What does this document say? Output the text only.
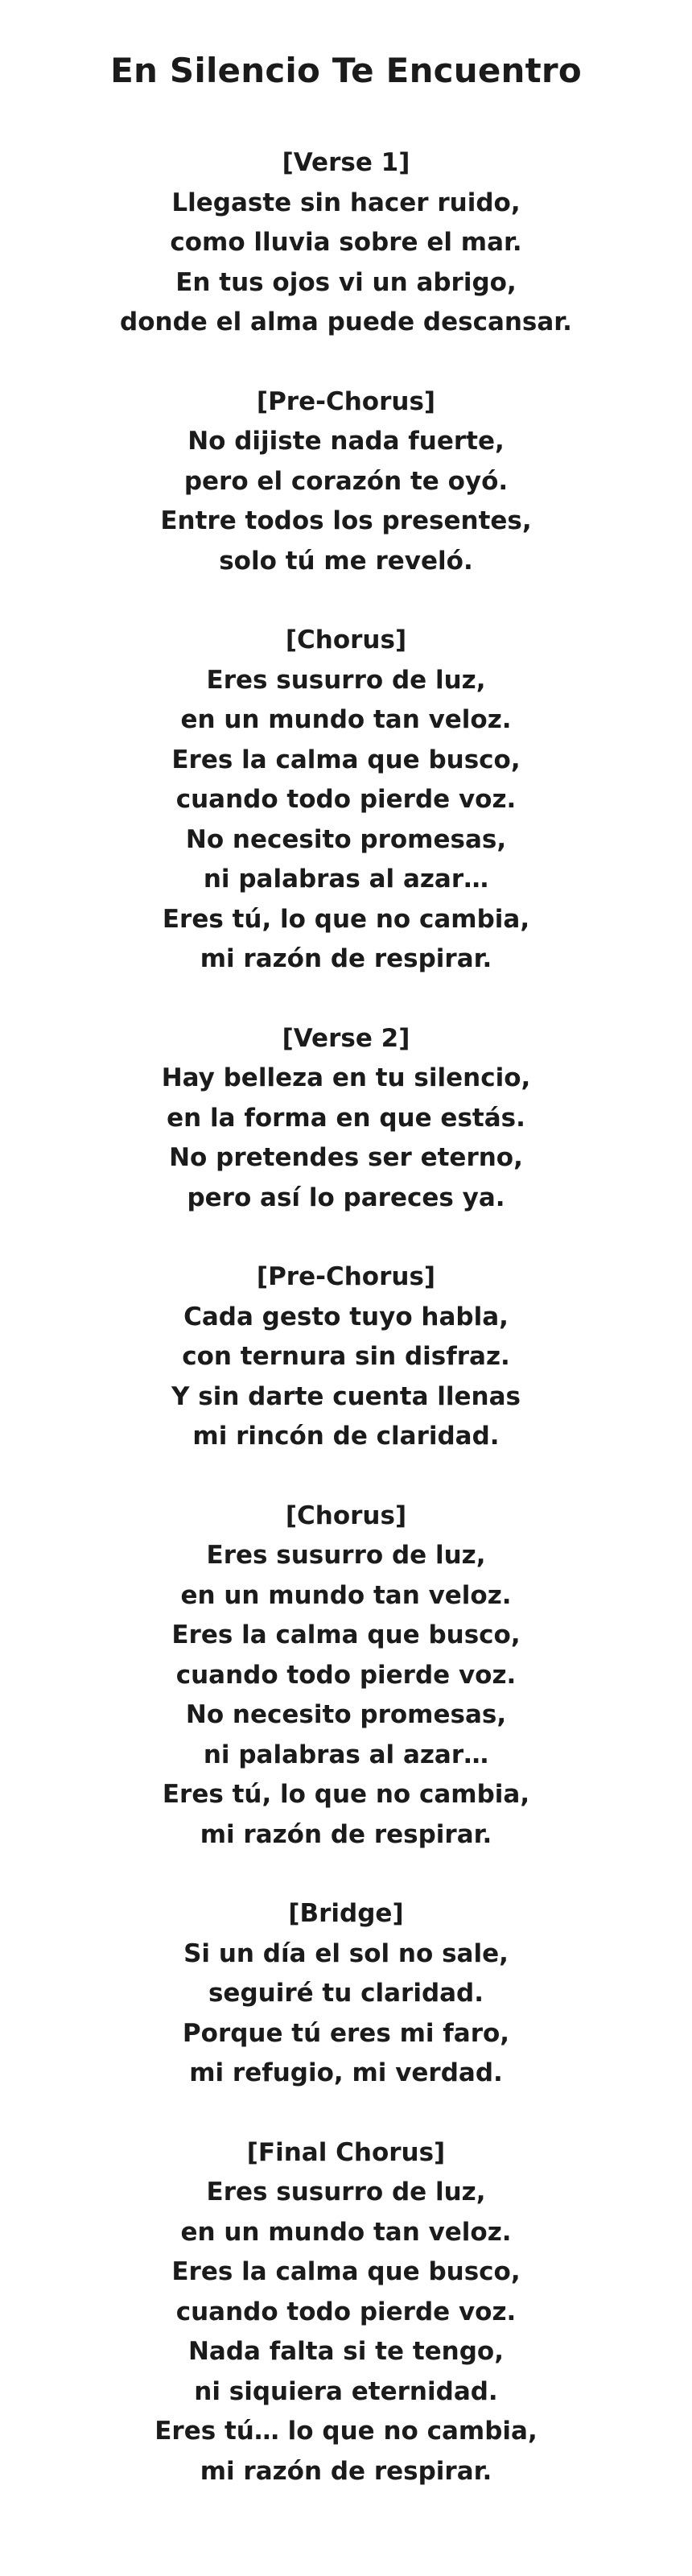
En Silencio Te Encuentro
[Verse 1]
Llegaste sin hacer ruido,
como lluvia sobre el mar.
En tus ojos vi un abrigo,
donde el alma puede descansar.
[Pre-Chorus]
No dijiste nada fuerte,
pero el corazón te oyó.
Entre todos los presentes,
solo tú me reveló.
[Chorus]
Eres susurro de luz,
en un mundo tan veloz.
Eres la calma que busco,
cuando todo pierde voz.
No necesito promesas,
ni palabras al azar…
Eres tú, lo que no cambia,
mi razón de respirar.
[Verse 2]
Hay belleza en tu silencio,
en la forma en que estás.
No pretendes ser eterno,
pero así lo pareces ya.
[Pre-Chorus]
Cada gesto tuyo habla,
con ternura sin disfraz.
Y sin darte cuenta llenas
mi rincón de claridad.
[Chorus]
Eres susurro de luz,
en un mundo tan veloz.
Eres la calma que busco,
cuando todo pierde voz.
No necesito promesas,
ni palabras al azar…
Eres tú, lo que no cambia,
mi razón de respirar.
[Bridge]
Si un día el sol no sale,
seguiré tu claridad.
Porque tú eres mi faro,
mi refugio, mi verdad.
[Final Chorus]
Eres susurro de luz,
en un mundo tan veloz.
Eres la calma que busco,
cuando todo pierde voz.
Nada falta si te tengo,
ni siquiera eternidad.
Eres tú… lo que no cambia,
mi razón de respirar.
